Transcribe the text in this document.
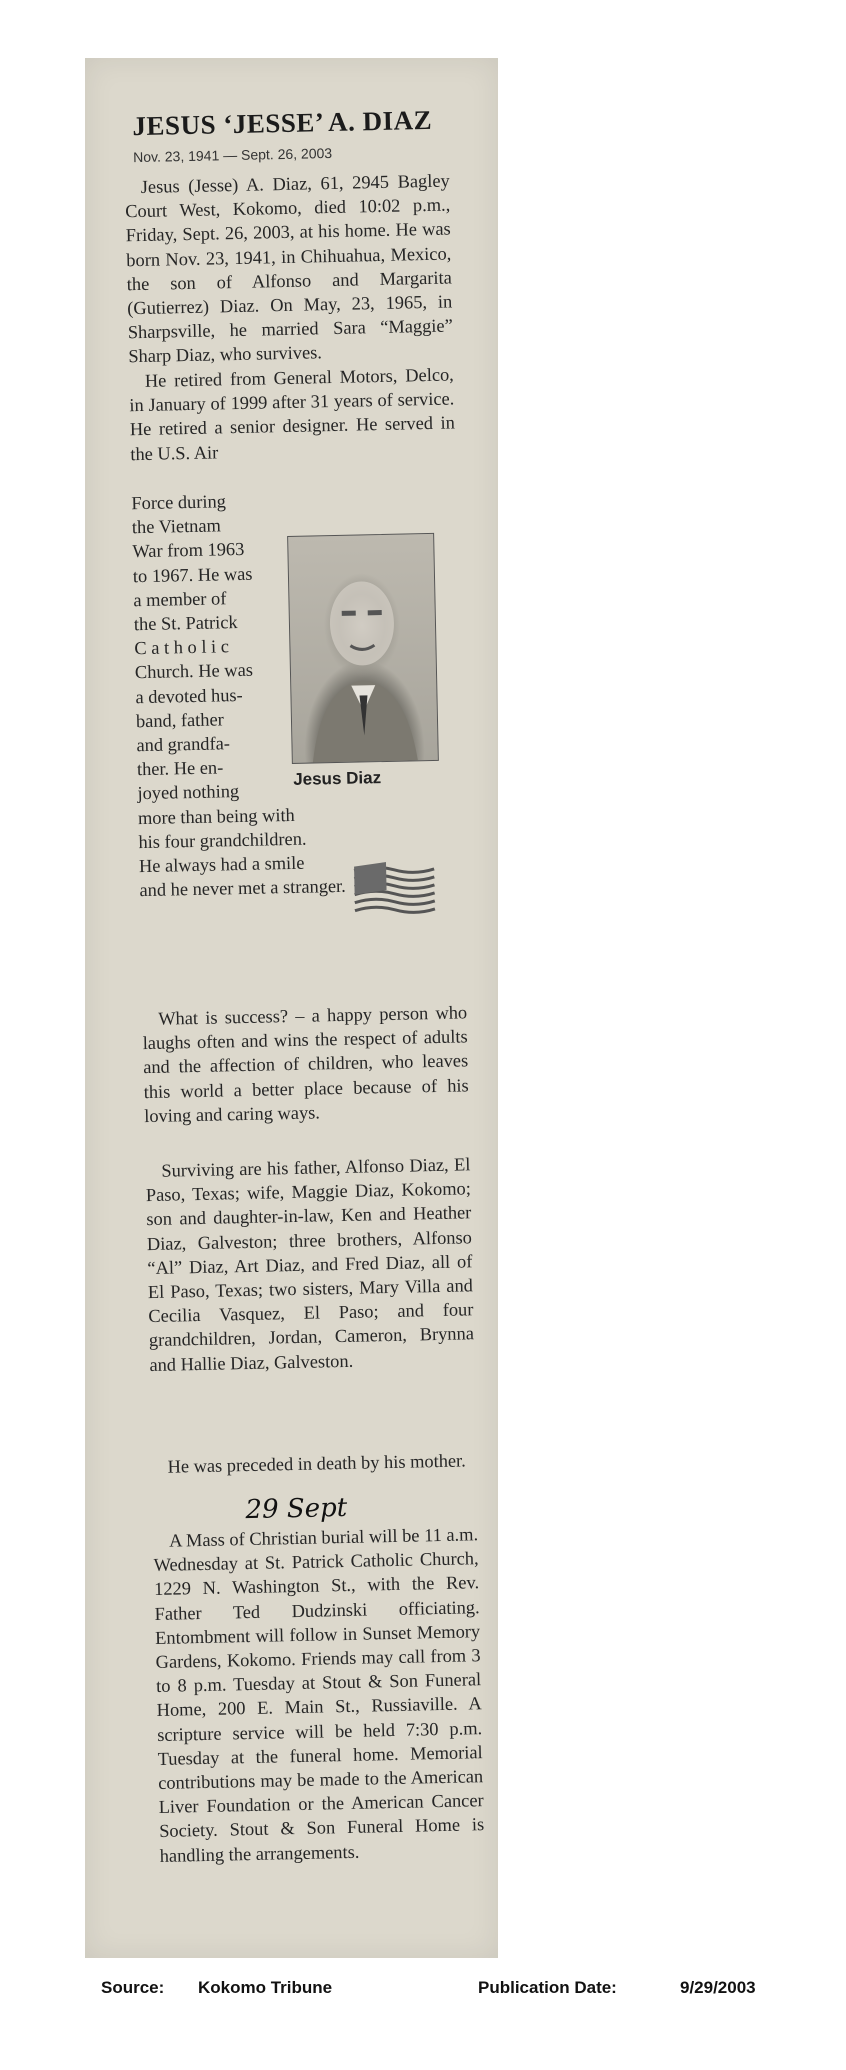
JESUS ‘JESSE’ A. DIAZ
Nov. 23, 1941 — Sept. 26, 2003
Jesus (Jesse) A. Diaz, 61, 2945 Bagley Court West, Kokomo, died 10:02 p.m., Friday, Sept. 26, 2003, at his home. He was born Nov. 23, 1941, in Chihuahua, Mexico, the son of Alfonso and Margarita (Gutierrez) Diaz. On May, 23, 1965, in Sharpsville, he married Sara “Maggie” Sharp Diaz, who survives.
He retired from General Motors, Delco, in January of 1999 after 31 years of service. He retired a senior designer. He served in the U.S. Air
Force during
the Vietnam
War from 1963
to 1967. He was
a member of
the St. Patrick
C a t h o l i c
Church. He was
a devoted hus-
band, father
and grandfa-
ther. He en-
joyed nothing
more than being with
his four grandchildren.
He always had a smile
and he never met a stranger.
Jesus Diaz
What is success? – a happy person who laughs often and wins the respect of adults and the affection of children, who leaves this world a better place because of his loving and caring ways.
Surviving are his father, Alfonso Diaz, El Paso, Texas; wife, Maggie Diaz, Kokomo; son and daughter-in-law, Ken and Heather Diaz, Galveston; three brothers, Alfonso “Al” Diaz, Art Diaz, and Fred Diaz, all of El Paso, Texas; two sisters, Mary Villa and Cecilia Vasquez, El Paso; and four grandchildren, Jordan, Cameron, Brynna and Hallie Diaz, Galveston.
He was preceded in death by his mother.
29 Sept
A Mass of Christian burial will be 11 a.m. Wednesday at St. Patrick Catholic Church, 1229 N. Washington St., with the Rev. Father Ted Dudzinski officiating. Entombment will follow in Sunset Memory Gardens, Kokomo. Friends may call from 3 to 8 p.m. Tuesday at Stout & Son Funeral Home, 200 E. Main St., Russiaville. A scripture service will be held 7:30 p.m. Tuesday at the funeral home. Memorial contributions may be made to the American Liver Foundation or the American Cancer Society. Stout & Son Funeral Home is handling the arrangements.
Source: Kokomo Tribune	Publication Date:	9/29/2003
